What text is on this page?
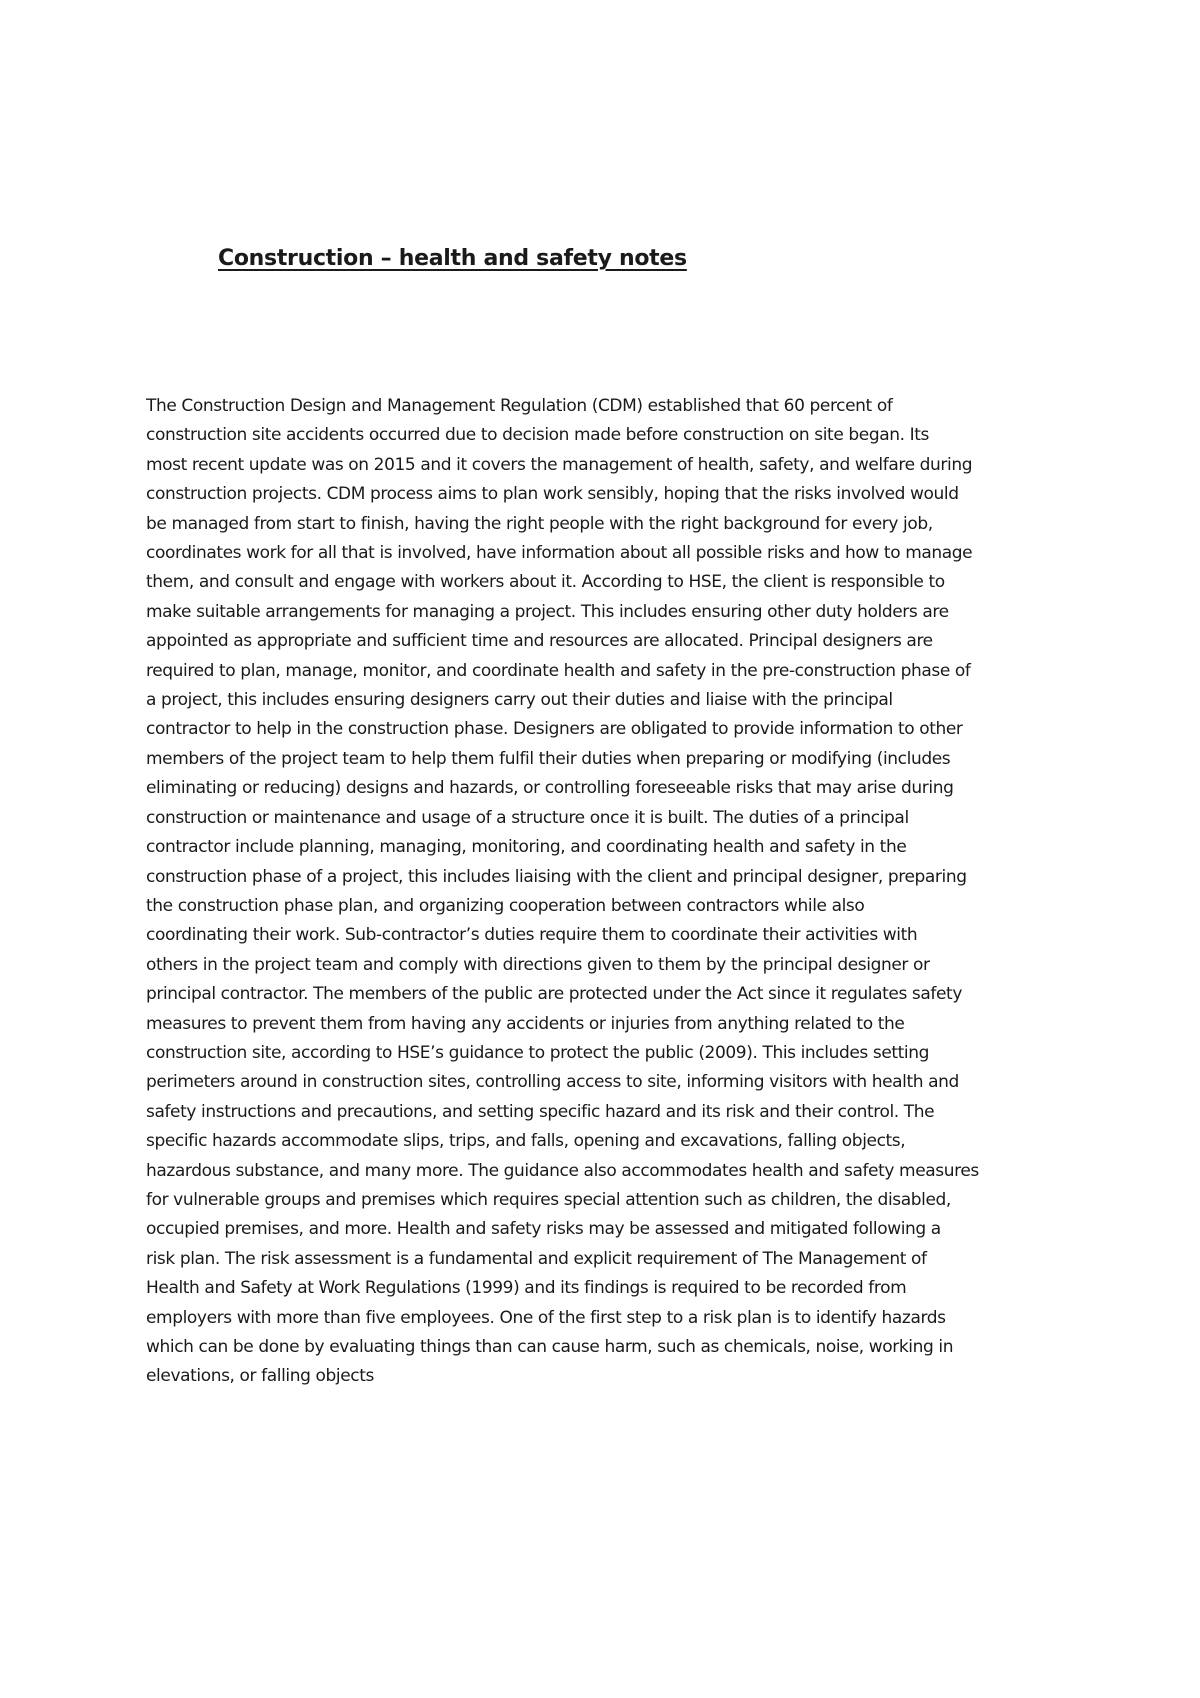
Construction – health and safety notes
The Construction Design and Management Regulation (CDM) established that 60 percent of
construction site accidents occurred due to decision made before construction on site began. Its
most recent update was on 2015 and it covers the management of health, safety, and welfare during
construction projects. CDM process aims to plan work sensibly, hoping that the risks involved would
be managed from start to finish, having the right people with the right background for every job,
coordinates work for all that is involved, have information about all possible risks and how to manage
them, and consult and engage with workers about it. According to HSE, the client is responsible to
make suitable arrangements for managing a project. This includes ensuring other duty holders are
appointed as appropriate and sufficient time and resources are allocated. Principal designers are
required to plan, manage, monitor, and coordinate health and safety in the pre-construction phase of
a project, this includes ensuring designers carry out their duties and liaise with the principal
contractor to help in the construction phase. Designers are obligated to provide information to other
members of the project team to help them fulfil their duties when preparing or modifying (includes
eliminating or reducing) designs and hazards, or controlling foreseeable risks that may arise during
construction or maintenance and usage of a structure once it is built. The duties of a principal
contractor include planning, managing, monitoring, and coordinating health and safety in the
construction phase of a project, this includes liaising with the client and principal designer, preparing
the construction phase plan, and organizing cooperation between contractors while also
coordinating their work. Sub-contractor’s duties require them to coordinate their activities with
others in the project team and comply with directions given to them by the principal designer or
principal contractor. The members of the public are protected under the Act since it regulates safety
measures to prevent them from having any accidents or injuries from anything related to the
construction site, according to HSE’s guidance to protect the public (2009). This includes setting
perimeters around in construction sites, controlling access to site, informing visitors with health and
safety instructions and precautions, and setting specific hazard and its risk and their control. The
specific hazards accommodate slips, trips, and falls, opening and excavations, falling objects,
hazardous substance, and many more. The guidance also accommodates health and safety measures
for vulnerable groups and premises which requires special attention such as children, the disabled,
occupied premises, and more. Health and safety risks may be assessed and mitigated following a
risk plan. The risk assessment is a fundamental and explicit requirement of The Management of
Health and Safety at Work Regulations (1999) and its findings is required to be recorded from
employers with more than five employees. One of the first step to a risk plan is to identify hazards
which can be done by evaluating things than can cause harm, such as chemicals, noise, working in
elevations, or falling objects
